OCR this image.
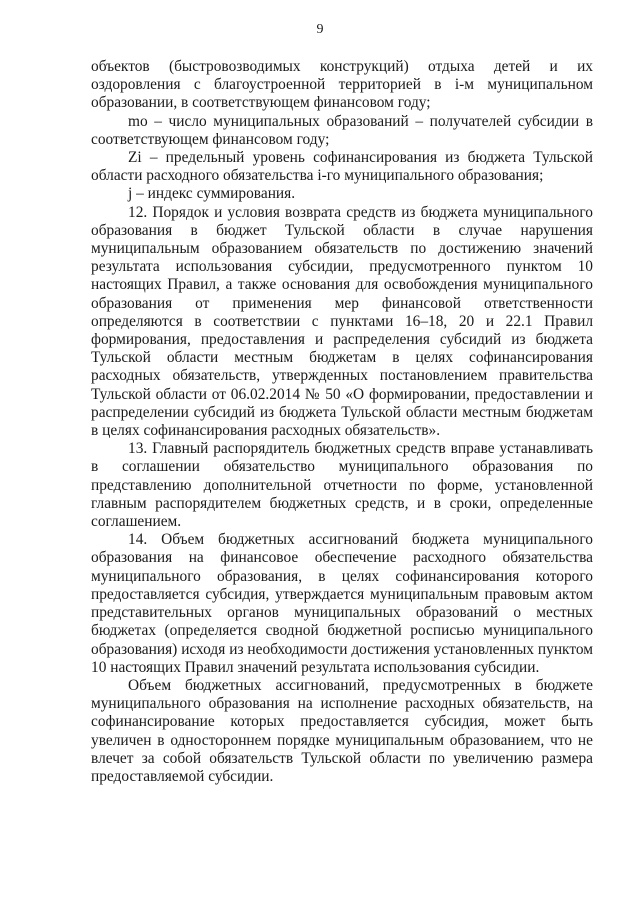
9

объектов (быстровозводимых конструкций) отдыха детей и их оздоровления с благоустроенной территорией в i-м муниципальном образовании, в соответствующем финансовом году;

mo – число муниципальных образований – получателей субсидии в соответствующем финансовом году;

Zi – предельный уровень софинансирования из бюджета Тульской области расходного обязательства i-го муниципального образования;

j – индекс суммирования.

12. Порядок и условия возврата средств из бюджета муниципального образования в бюджет Тульской области в случае нарушения муниципальным образованием обязательств по достижению значений результата использования субсидии, предусмотренного пунктом 10 настоящих Правил, а также основания для освобождения муниципального образования от применения мер финансовой ответственности определяются в соответствии с пунктами 16–18, 20 и 22.1 Правил формирования, предоставления и распределения субсидий из бюджета Тульской области местным бюджетам в целях софинансирования расходных обязательств, утвержденных постановлением правительства Тульской области от 06.02.2014 № 50 «О формировании, предоставлении и распределении субсидий из бюджета Тульской области местным бюджетам в целях софинансирования расходных обязательств».

13. Главный распорядитель бюджетных средств вправе устанавливать в соглашении обязательство муниципального образования по представлению дополнительной отчетности по форме, установленной главным распорядителем бюджетных средств, и в сроки, определенные соглашением.

14. Объем бюджетных ассигнований бюджета муниципального образования на финансовое обеспечение расходного обязательства муниципального образования, в целях софинансирования которого предоставляется субсидия, утверждается муниципальным правовым актом представительных органов муниципальных образований о местных бюджетах (определяется сводной бюджетной росписью муниципального образования) исходя из необходимости достижения установленных пунктом 10 настоящих Правил значений результата использования субсидии.

Объем бюджетных ассигнований, предусмотренных в бюджете муниципального образования на исполнение расходных обязательств, на софинансирование которых предоставляется субсидия, может быть увеличен в одностороннем порядке муниципальным образованием, что не влечет за собой обязательств Тульской области по увеличению размера предоставляемой субсидии.
